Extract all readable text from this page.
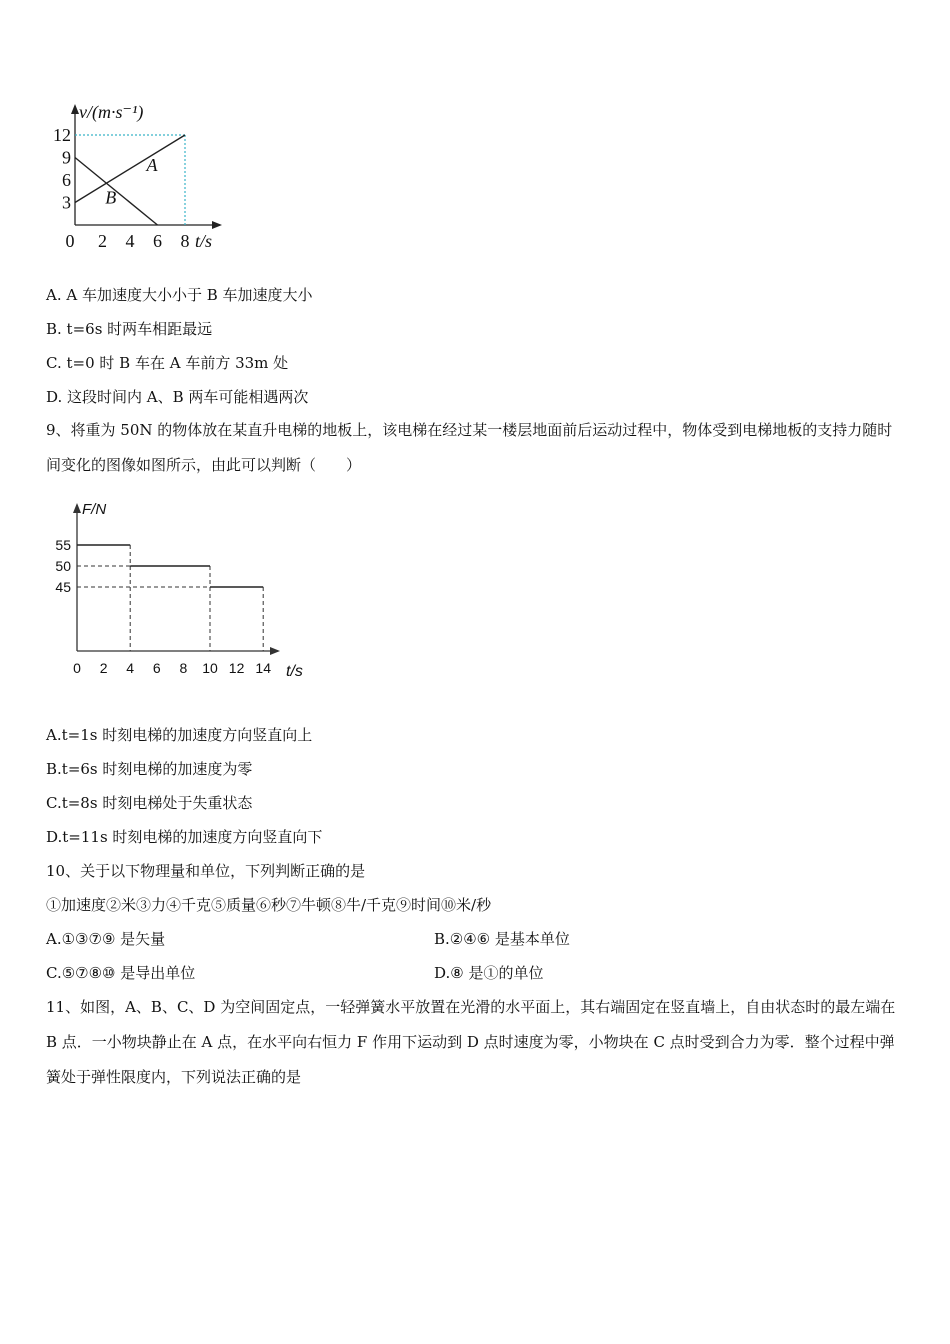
v/(m·s⁻¹)
t/s
12
9
6
3
0 2 4 6 8
A
B
A. A 车加速度大小小于 B 车加速度大小
B. t=6s 时两车相距最远
C. t=0 时 B 车在 A 车前方 33m 处
D. 这段时间内 A、B 两车可能相遇两次
9、将重为 50N 的物体放在某直升电梯的地板上，该电梯在经过某一楼层地面前后运动过程中，物体受到电梯地板的支持力随时间变化的图像如图所示，由此可以判断（　　）
F/N
t/s
55
50
45
0 2 4 6 8 10 12 14
A.t=1s 时刻电梯的加速度方向竖直向上
B.t=6s 时刻电梯的加速度为零
C.t=8s 时刻电梯处于失重状态
D.t=11s 时刻电梯的加速度方向竖直向下
10、关于以下物理量和单位，下列判断正确的是
①加速度②米③力④千克⑤质量⑥秒⑦牛顿⑧牛/千克⑨时间⑩米/秒
A.①③⑦⑨ 是矢量	B.②④⑥ 是基本单位
C.⑤⑦⑧⑩ 是导出单位	D.⑧ 是①的单位
11、如图，A、B、C、D 为空间固定点，一轻弹簧水平放置在光滑的水平面上，其右端固定在竖直墙上，自由状态时的最左端在 B 点．一小物块静止在 A 点，在水平向右恒力 F 作用下运动到 D 点时速度为零，小物块在 C 点时受到合力为零．整个过程中弹簧处于弹性限度内，下列说法正确的是
